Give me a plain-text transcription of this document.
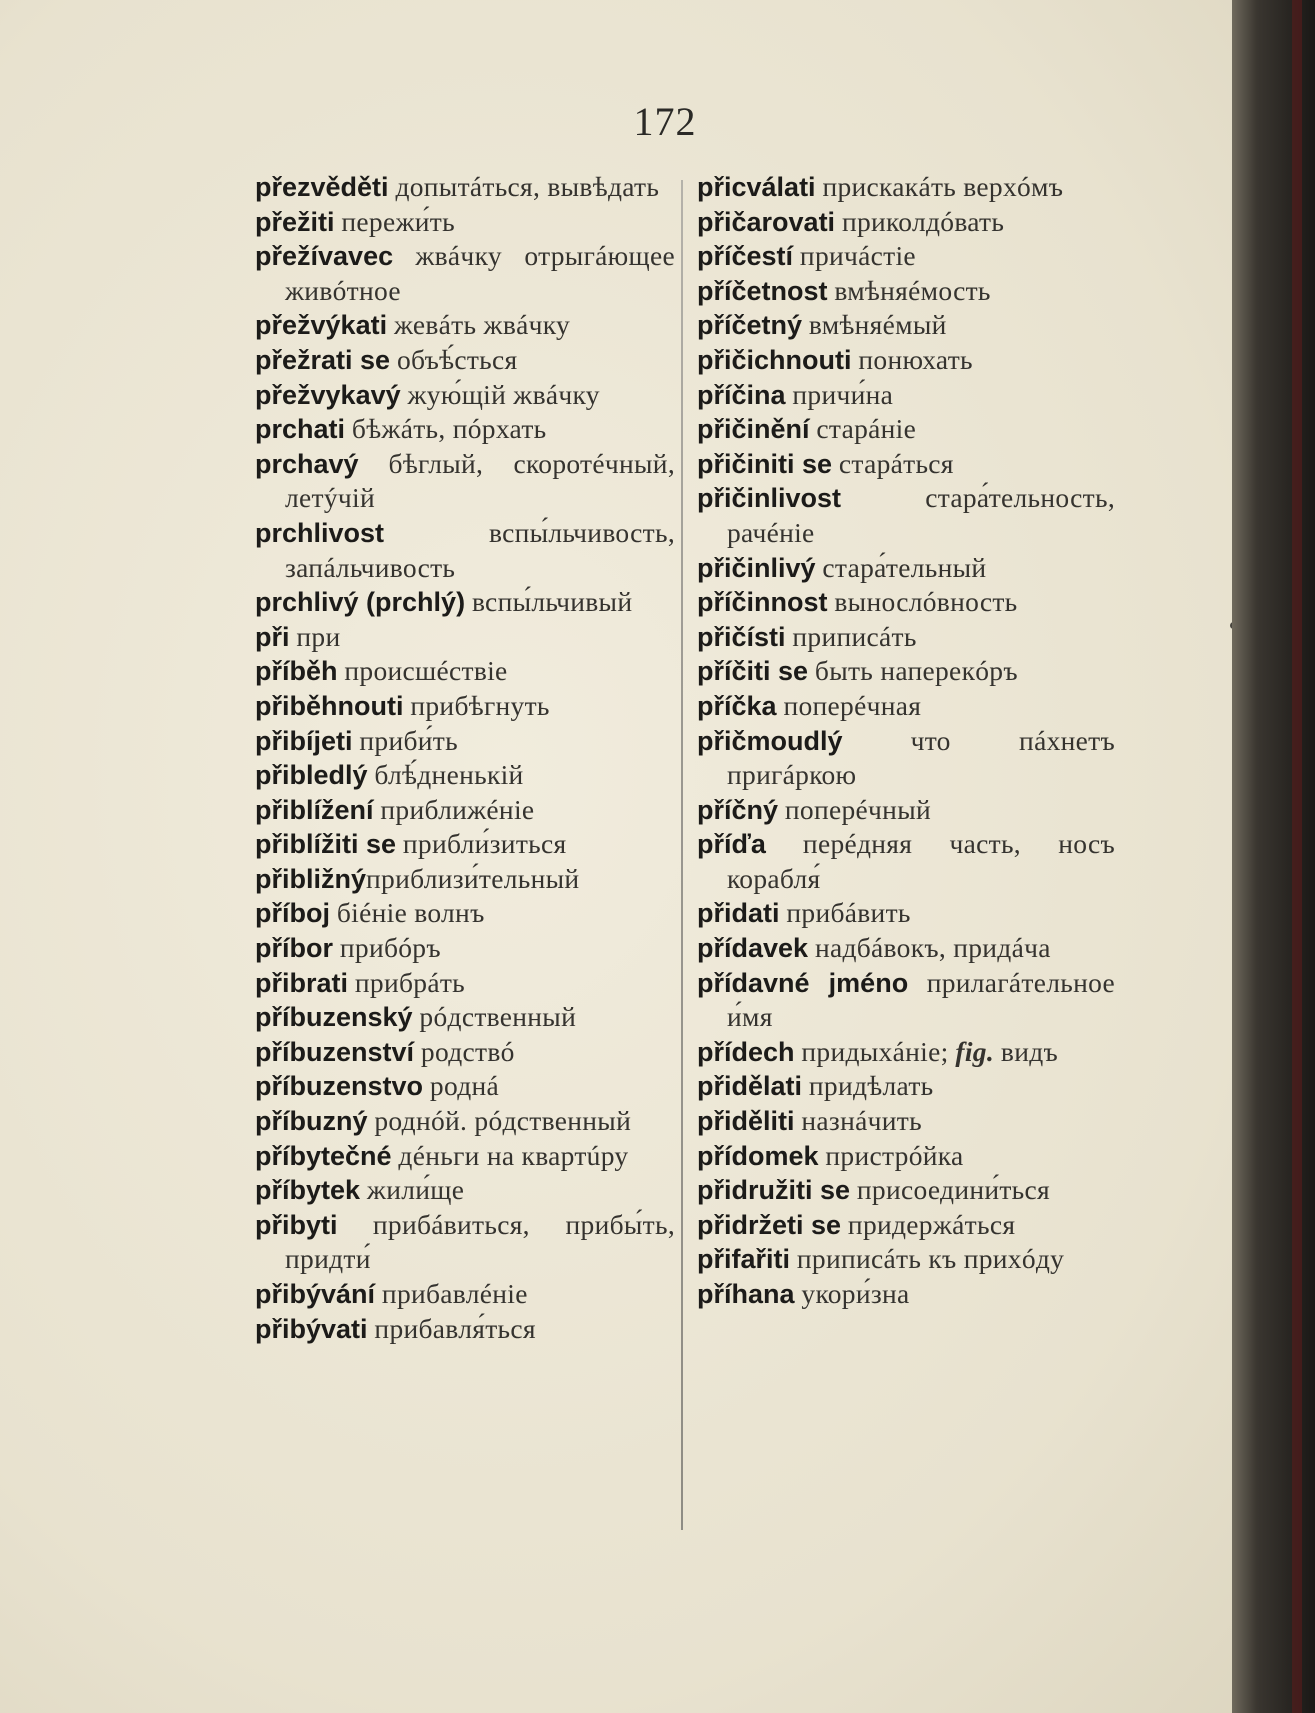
172

přezvěděti допытáться, вывѣдать

přežiti пережи́ть

přežívavec жвáчку отрыгáющее живóтное

přežvýkati жевáть жвáчку

přežrati se объѣ́сться

přežvykavý жую́щій жвáчку

prchati бѣжáть, пóрхать

prchavý бѣглый, скоротéчный, летýчій

prchlivost	вспы́льчивость, запáльчивость

prchlivý (prchlý) вспы́льчивый

při при

příběh происшéствіе

přiběhnouti прибѣгнуть

přibíjeti приби́ть

přibledlý блѣ́дненькій

přiblížení приближéніе

přiblížiti se прибли́зиться

přibližnýприблизи́тельный

příboj біéніе волнъ

příbor прибóръ

přibrati прибрáть

příbuzenský рóдственный

příbuzenství родствó

příbuzenstvo роднá

příbuzný роднóй. рóдственный

příbytečné дéньги на квартúру

příbytek жили́ще

přibyti прибáвиться, прибы́ть, придти́

přibývání прибавлéніе

přibývati прибавля́ться

přicválati прискакáть верхóмъ

přičarovati приколдóвать

příčestí причáстіе

příčetnost вмѣняéмость

příčetný вмѣняéмый

přičichnouti понюхать

příčina причи́на

přičinění старáніе

přičiniti se старáться

přičinlivost	стара́тельность, рачéніе

přičinlivý стара́тельный

příčinnost вынослóвность

přičísti приписáть

příčiti se быть наперекóръ

příčka поперéчная

přičmoudlý что пáхнетъ пригáркою

příčný поперéчный

příďa перéдняя часть, носъ корабля́

přidati прибáвить

přídavek надбáвокъ, придáча

přídavné jméno прилагáтельное и́мя

přídech придыхáніе; fig. видъ

přidělati придѣлать

přiděliti назнáчить

přídomek пристрóйка

přidružiti se присоедини́ться

přidržeti se придержáться

přifařiti приписáть къ прихóду

příhana укори́зна
